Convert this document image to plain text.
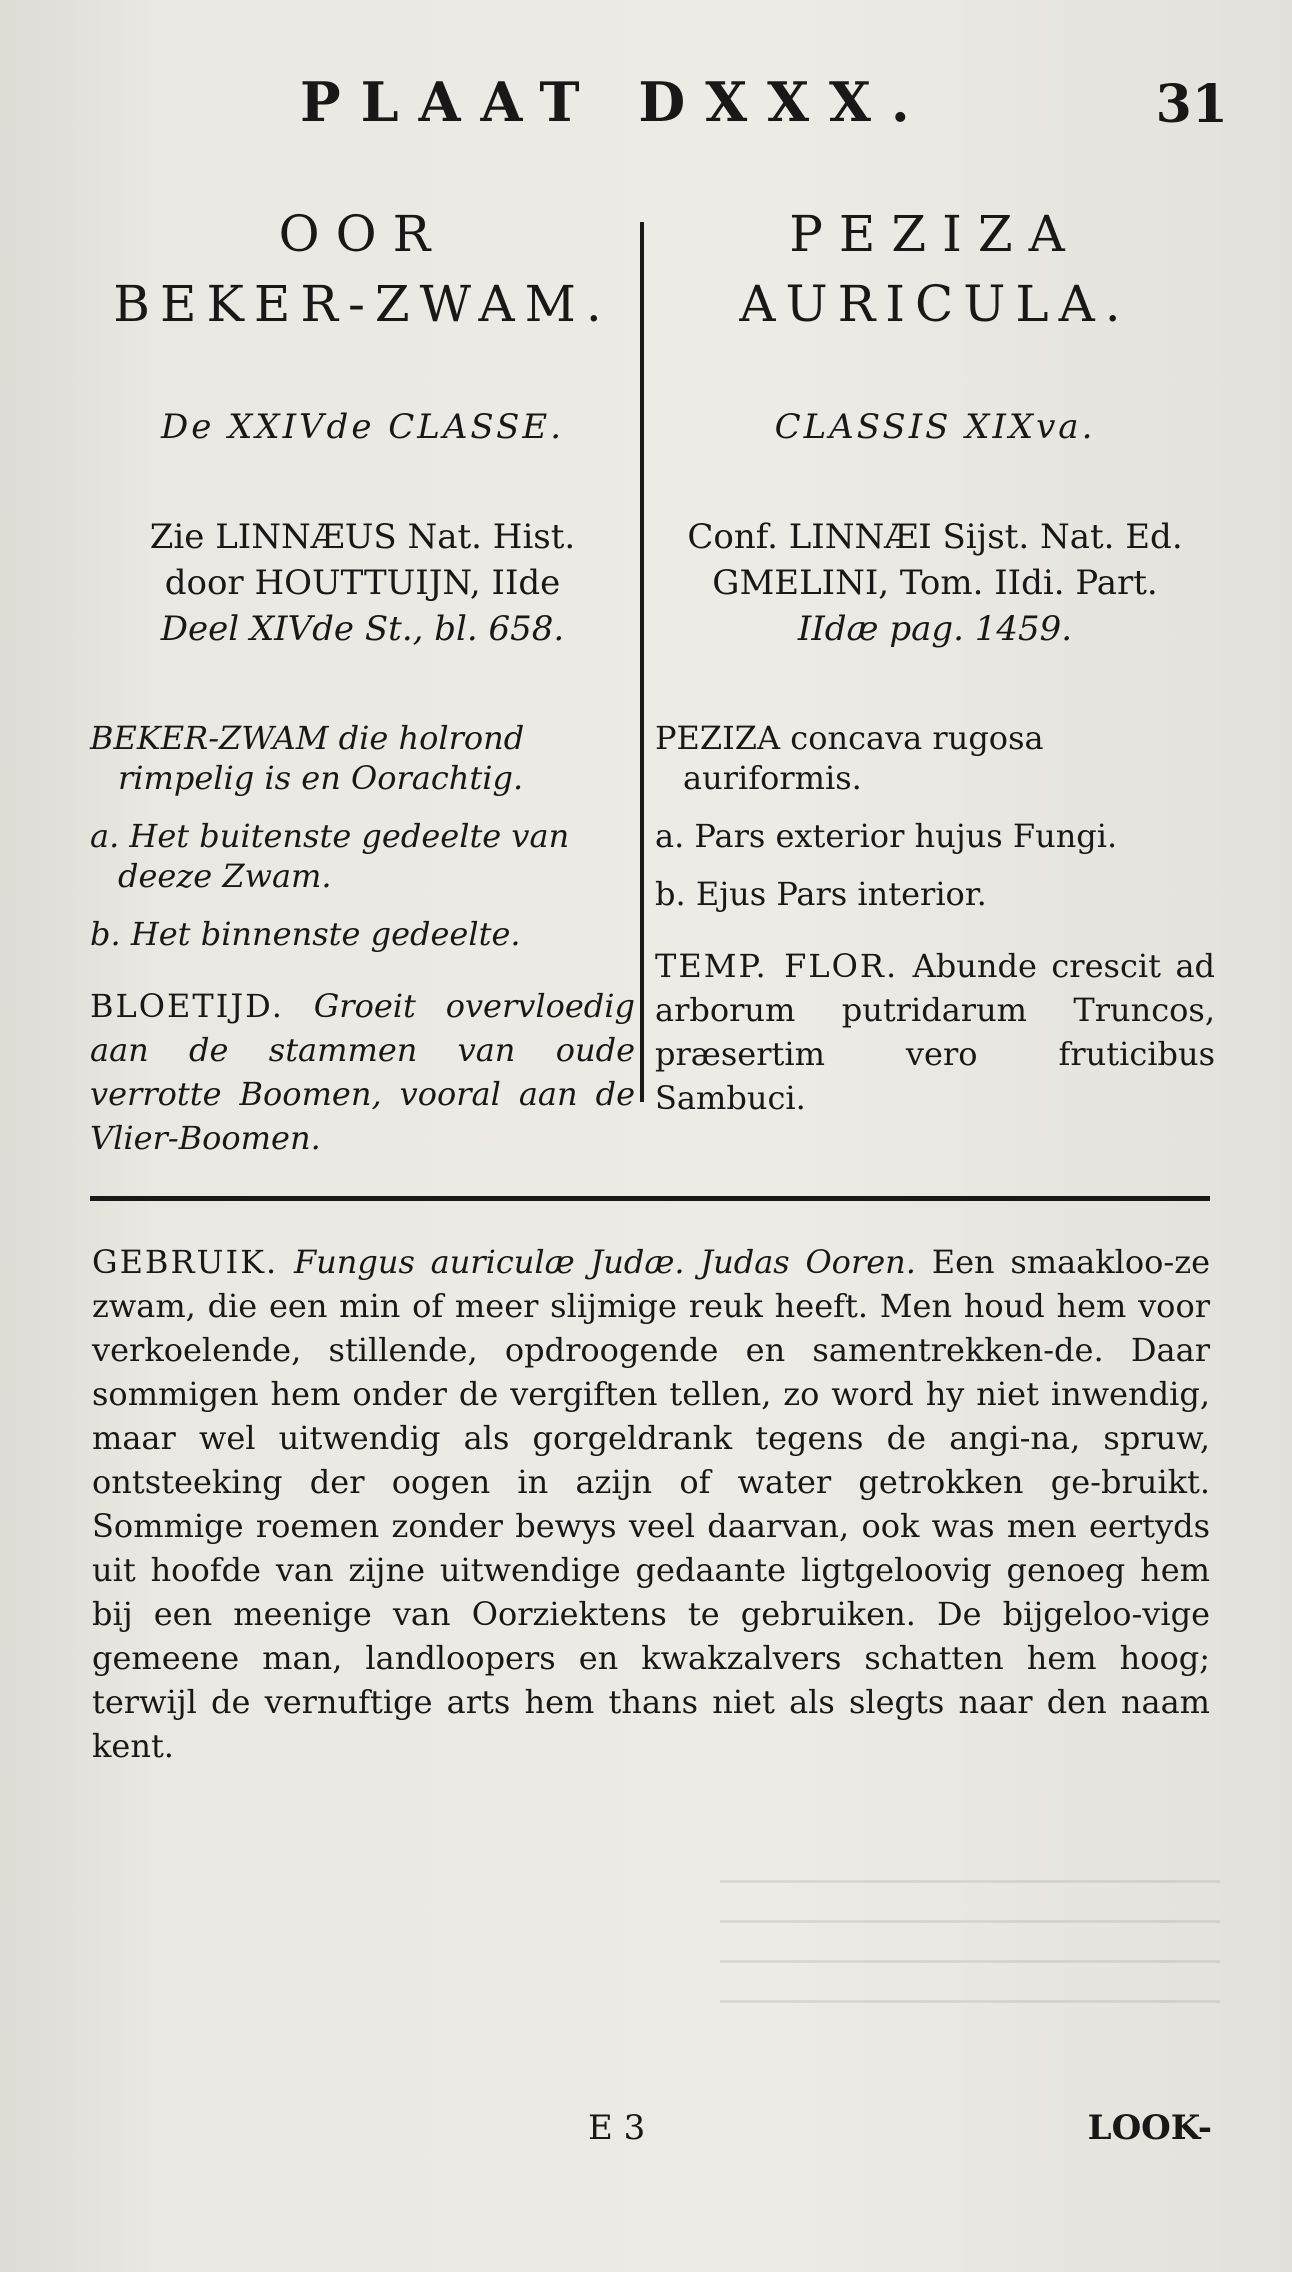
PLAAT DXXX.	31
OOR
BEKER-ZWAM.
De XXIVde CLASSE.
Zie LINNÆUS Nat. Hist.
door HOUTTUIJN, IIde
Deel XIVde St., bl. 658.
BEKER-ZWAM die holrond rimpelig is en Oorachtig.
a. Het buitenste gedeelte van deeze Zwam.
b. Het binnenste gedeelte.
BLOETIJD. Groeit overvloedig aan de stammen van oude verrotte Boomen, vooral aan de Vlier-Boomen.
PEZIZA
AURICULA.
CLASSIS XIXva.
Conf. LINNÆI Sijst. Nat. Ed.
GMELINI, Tom. IIdi. Part.
IIdæ pag. 1459.
PEZIZA concava rugosa auriformis.
a. Pars exterior hujus Fungi.
b. Ejus Pars interior.
TEMP. FLOR. Abunde crescit ad arborum putridarum Truncos, præsertim vero fruticibus Sambuci.
GEBRUIK. Fungus auriculæ Judæ. Judas Ooren. Een smaakloo-ze zwam, die een min of meer slijmige reuk heeft. Men houd hem voor verkoelende, stillende, opdroogende en samentrekken-de. Daar sommigen hem onder de vergiften tellen, zo word hy niet inwendig, maar wel uitwendig als gorgeldrank tegens de angi-na, spruw, ontsteeking der oogen in azijn of water getrokken ge-bruikt. Sommige roemen zonder bewys veel daarvan, ook was men eertyds uit hoofde van zijne uitwendige gedaante ligtgeloovig genoeg hem bij een meenige van Oorziektens te gebruiken. De bijgeloo-vige gemeene man, landloopers en kwakzalvers schatten hem hoog; terwijl de vernuftige arts hem thans niet als slegts naar den naam kent.
E 3	LOOK-
